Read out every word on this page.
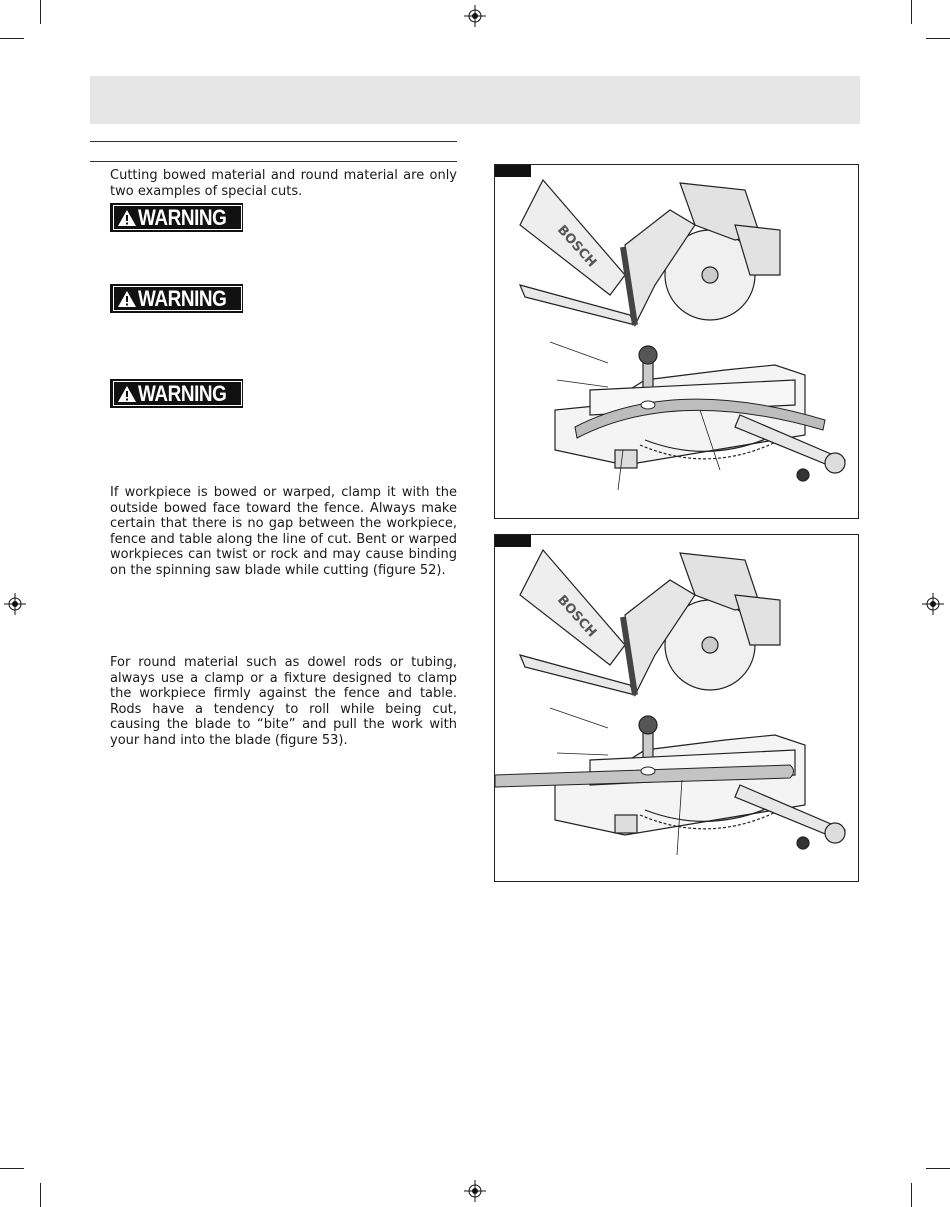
Cutting bowed material and round material are only two examples of special cuts.

WARNING
WARNING
WARNING

If workpiece is bowed or warped, clamp it with the outside bowed face toward the fence. Always make certain that there is no gap between the workpiece, fence and table along the line of cut. Bent or warped workpieces can twist or rock and may cause binding on the spinning saw blade while cutting (figure 52).

For round material such as dowel rods or tubing, always use a clamp or a fixture designed to clamp the workpiece firmly against the fence and table. Rods have a tendency to roll while being cut, causing the blade to “bite” and pull the work with your hand into the blade (figure 53).

BOSCH
BOSCH
